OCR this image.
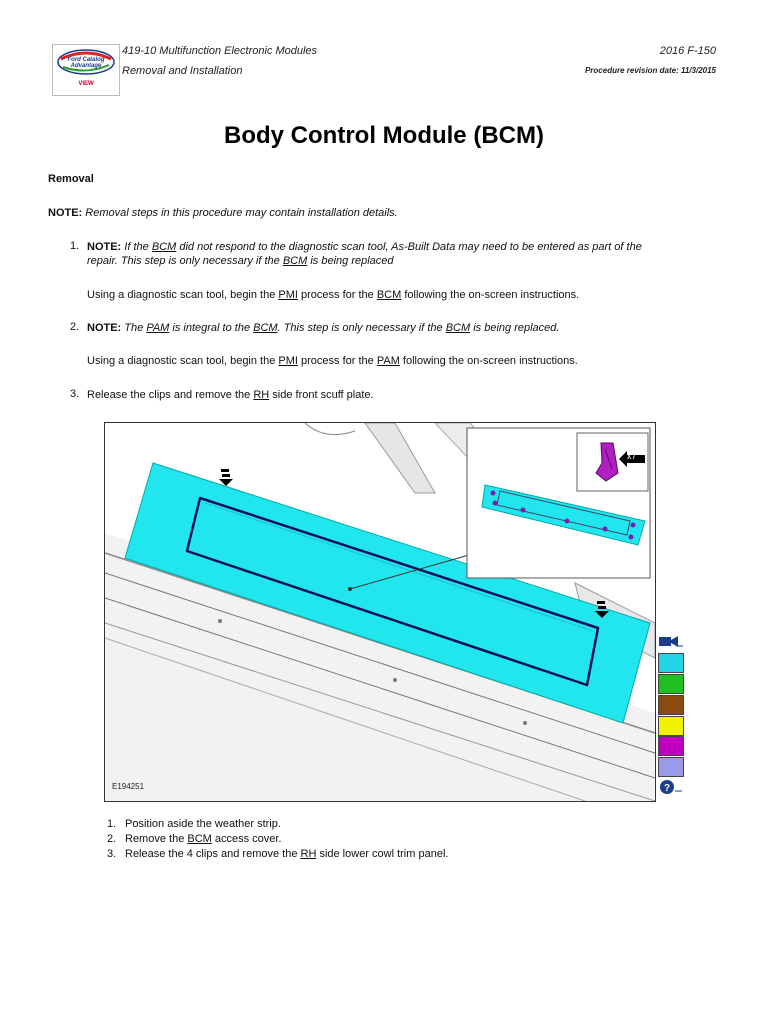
Ford Catalog Advantage
VIEW
419-10 Multifunction Electronic Modules
Removal and Installation
2016 F-150
Procedure revision date: 11/3/2015
Body Control Module (BCM)
Removal
NOTE: Removal steps in this procedure may contain installation details.
1. NOTE: If the BCM did not respond to the diagnostic scan tool, As-Built Data may need to be entered as part of the
repair. This step is only necessary if the BCM is being replaced
Using a diagnostic scan tool, begin the PMI process for the BCM following the on-screen instructions.
2. NOTE: The PAM is integral to the BCM. This step is only necessary if the BCM is being replaced.
Using a diagnostic scan tool, begin the PMI process for the PAM following the on-screen instructions.
3. Release the clips and remove the RH side front scuff plate.
x7
E194251	?
1. Position aside the weather strip.
2. Remove the BCM access cover.
3. Release the 4 clips and remove the RH side lower cowl trim panel.
